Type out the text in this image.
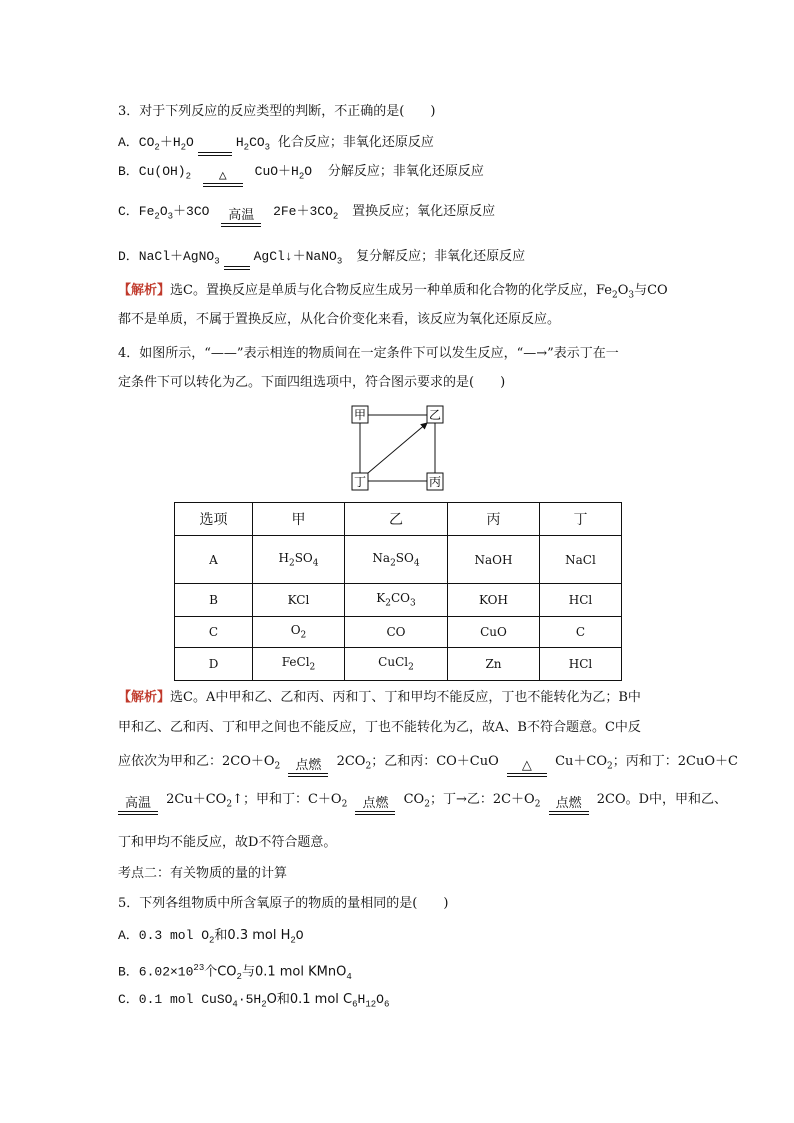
3．对于下列反应的反应类型的判断，不正确的是(　　)
A．$CO_2+H_2O$	$H_2CO_3$ 化合反应；非氧化还原反应
B．$Cu(OH)_2$	△	$CuO+H_2O$ 分解反应；非氧化还原反应
C．$Fe_2O_3+3CO$	高温	$2Fe+3CO_2$ 置换反应；氧化还原反应
D．NaCl＋AgNO$_3$	AgCl↓＋NaNO$_3$ 复分解反应；非氧化还原反应
【解析】选C。置换反应是单质与化合物反应生成另一种单质和化合物的化学反应，$Fe_2O_3$与CO
都不是单质，不属于置换反应，从化合价变化来看，该反应为氧化还原反应。
4．如图所示，“——”表示相连的物质间在一定条件下可以发生反应，“—→”表示丁在一
定条件下可以转化为乙。下面四组选项中，符合图示要求的是(　　)
甲	乙
丁	丙
选项	甲	乙	丙	丁
A	$H_2SO_4$	$Na_2SO_4$	NaOH	NaCl
B	KCl	$K_2CO_3$	KOH	HCl
C	$O_2$	CO	CuO	C
D	FeCl$_2$	CuCl$_2$	Zn	HCl
【解析】选C。A中甲和乙、乙和丙、丙和丁、丁和甲均不能反应，丁也不能转化为乙；B中
甲和乙、乙和丙、丁和甲之间也不能反应，丁也不能转化为乙，故A、B不符合题意。C中反
应依次为甲和乙：$2CO+O_2$	点燃	$2CO_2$；乙和丙：CO＋CuO	△	$Cu+CO_2$；丙和丁：2CuO＋C
高温	$2Cu+CO_2↑$；甲和丁：$C+O_2$	点燃	$CO_2$；丁→乙：$2C+O_2$	点燃	2CO。D中，甲和乙、
丁和甲均不能反应，故D不符合题意。
考点二：有关物质的量的计算
5．下列各组物质中所含氧原子的物质的量相同的是(　　)
A．0.3 mol $O_2$和0.3 mol $H_2O$
B．$6.02\times 10^{23}$个$CO_2$与0.1 mol KMnO$_4$
C．0.1 mol $CuSO_4\cdot 5H_2O$和0.1 mol $C_6H_{12}O_6$
